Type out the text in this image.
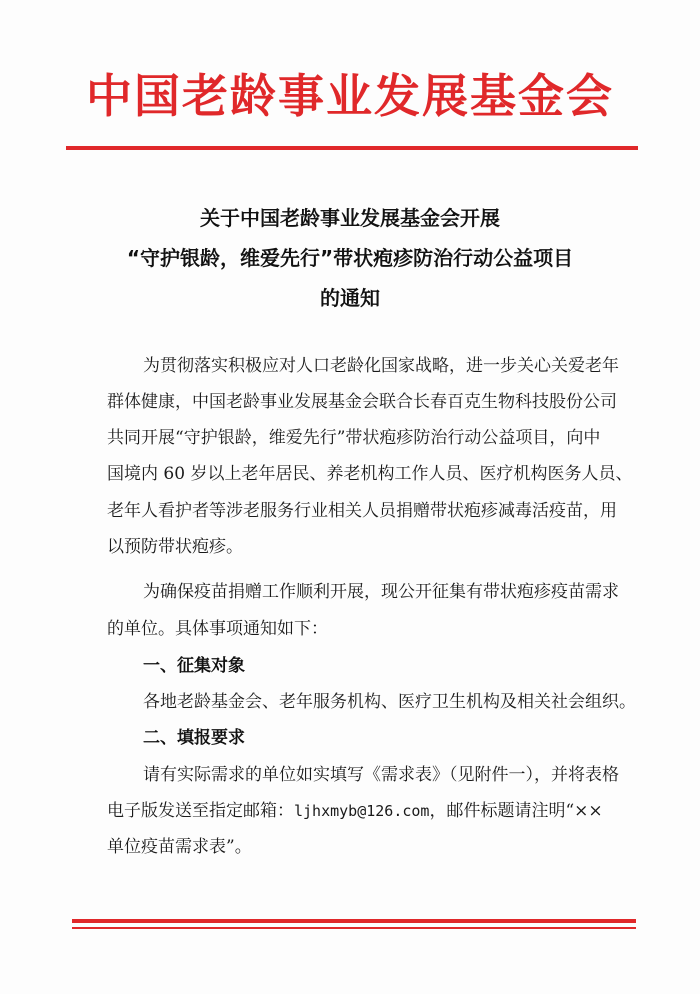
中国老龄事业发展基金会
关于中国老龄事业发展基金会开展
“守护银龄，维爱先行”带状疱疹防治行动公益项目
的通知
为贯彻落实积极应对人口老龄化国家战略，进一步关心关爱老年
群体健康，中国老龄事业发展基金会联合长春百克生物科技股份公司
共同开展“守护银龄，维爱先行”带状疱疹防治行动公益项目，向中
国境内 60 岁以上老年居民、养老机构工作人员、医疗机构医务人员、
老年人看护者等涉老服务行业相关人员捐赠带状疱疹减毒活疫苗，用
以预防带状疱疹。
为确保疫苗捐赠工作顺利开展，现公开征集有带状疱疹疫苗需求
的单位。具体事项通知如下：
一、征集对象
各地老龄基金会、老年服务机构、医疗卫生机构及相关社会组织。
二、填报要求
请有实际需求的单位如实填写《需求表》（见附件一），并将表格
电子版发送至指定邮箱：ljhxmyb@126.com，邮件标题请注明“××
单位疫苗需求表”。
